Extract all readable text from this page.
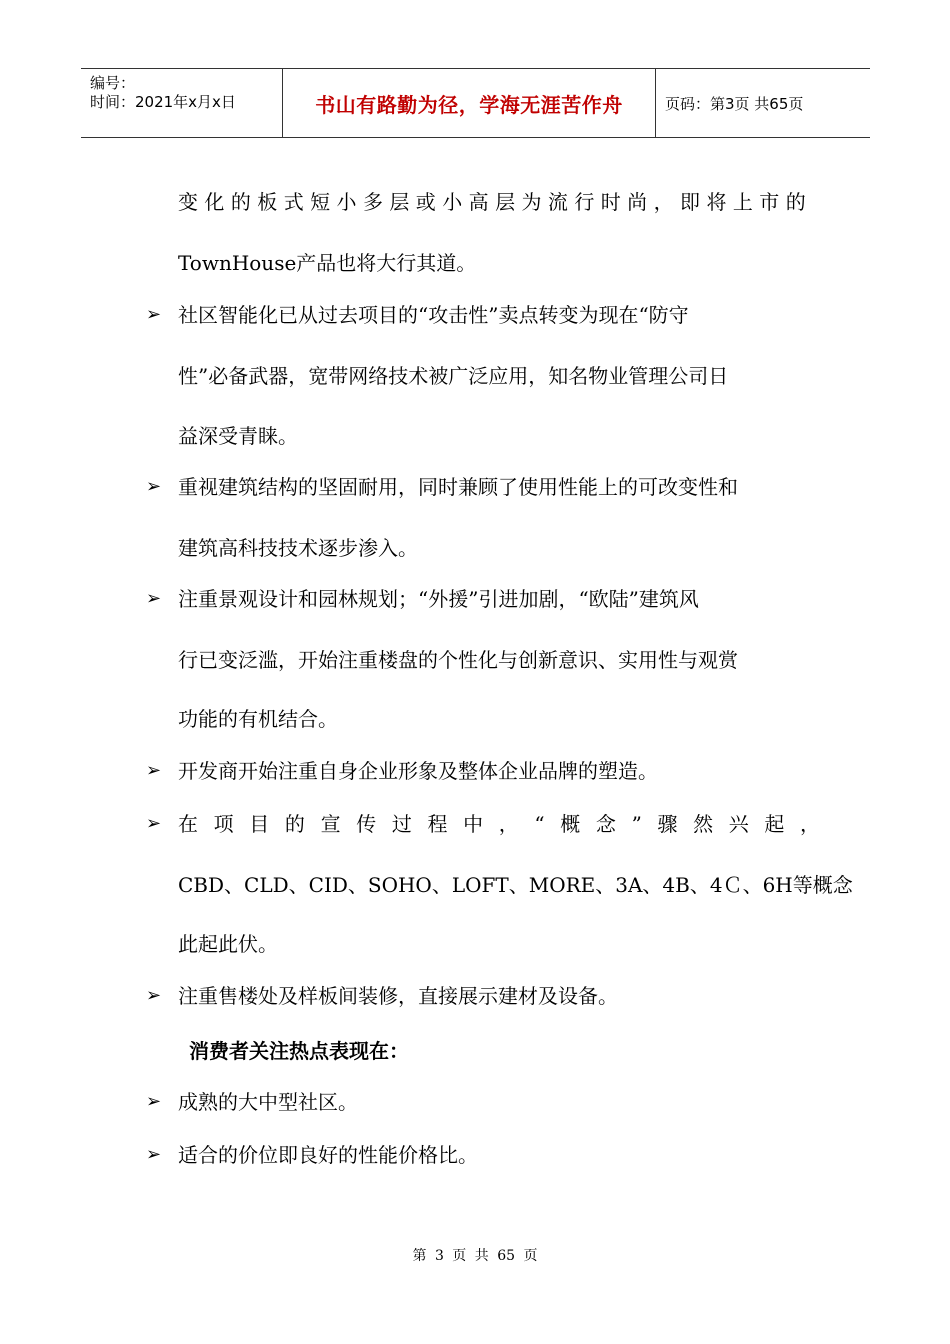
编号：
时间：2021年x月x日	书山有路勤为径，学海无涯苦作舟	页码：第3页 共65页
变 化 的 板 式 短 小 多 层 或 小 高 层 为 流 行 时 尚 ， 即 将 上 市 的
TownHouse产品也将大行其道。
➢ 社区智能化已从过去项目的“攻击性”卖点转变为现在“防守
性”必备武器，宽带网络技术被广泛应用，知名物业管理公司日
益深受青睐。
➢ 重视建筑结构的坚固耐用，同时兼顾了使用性能上的可改变性和
建筑高科技技术逐步渗入。
➢ 注重景观设计和园林规划；“外援”引进加剧，“欧陆”建筑风
行已变泛滥，开始注重楼盘的个性化与创新意识、实用性与观赏
功能的有机结合。
➢ 开发商开始注重自身企业形象及整体企业品牌的塑造。
➢ 在 项 目 的 宣 传 过 程 中 ， “ 概 念 ” 骤 然 兴 起 ，
CBD、CLD、CID、SOHO、LOFT、MORE、3A、4B、4Ｃ、6H等概念
此起此伏。
➢ 注重售楼处及样板间装修，直接展示建材及设备。
消费者关注热点表现在：
➢ 成熟的大中型社区。
➢ 适合的价位即良好的性能价格比。
第 3 页 共 65 页
